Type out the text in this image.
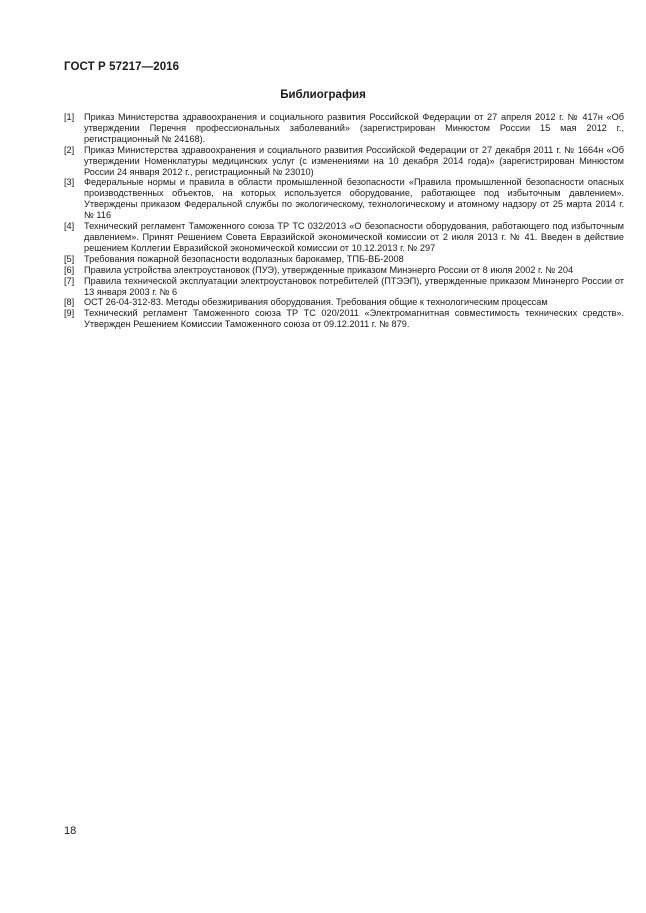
ГОСТ Р 57217—2016
Библиография
[1]	Приказ Министерства здравоохранения и социального развития Российской Федерации от 27 апреля 2012 г. № 417н «Об утверждении Перечня профессиональных заболеваний» (зарегистрирован Минюстом России 15 мая 2012 г., регистрационный № 24168).
[2]	Приказ Министерства здравоохранения и социального развития Российской Федерации от 27 декабря 2011 г. № 1664н «Об утверждении Номенклатуры медицинских услуг (с изменениями на 10 декабря 2014 года)» (зарегистрирован Минюстом России 24 января 2012 г., регистрационный № 23010)
[3]	Федеральные нормы и правила в области промышленной безопасности «Правила промышленной безопасности опасных производственных объектов, на которых используется оборудование, работающее под избыточным давлением». Утверждены приказом Федеральной службы по экологическому, технологическому и атомному надзору от 25 марта 2014 г. № 116
[4]	Технический регламент Таможенного союза ТР ТС 032/2013 «О безопасности оборудования, работающего под избыточным давлением». Принят Решением Совета Евразийской экономической комиссии от 2 июля 2013 г. № 41. Введен в действие решением Коллегии Евразийской экономической комиссии от 10.12.2013 г. № 297
[5]	Требования пожарной безопасности водолазных барокамер, ТПБ-ВБ-2008
[6]	Правила устройства электроустановок (ПУЭ), утвержденные приказом Минэнерго России от 8 июля 2002 г. № 204
[7]	Правила технической эксплуатации электроустановок потребителей (ПТЭЭП), утвержденные приказом Минэнерго России от 13 января 2003 г. № 6
[8]	ОСТ 26-04-312-83. Методы обезжиривания оборудования. Требования общие к технологическим процессам
[9]	Технический регламент Таможенного союза ТР ТС 020/2011 «Электромагнитная совместимость технических средств». Утвержден Решением Комиссии Таможенного союза от 09.12.2011 г. № 879.
18
